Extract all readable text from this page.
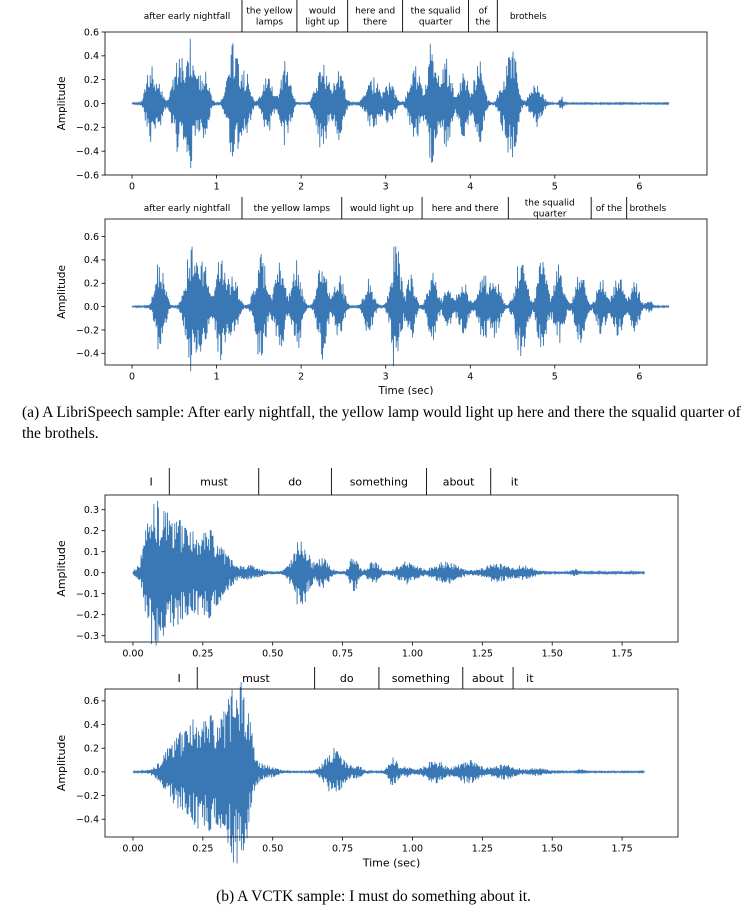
0	1	2	3	4	5	6
−0.6
−0.4
−0.2
0.0
0.2
0.4
0.6
Amplitude
after early nightfall
the yellow lamps
would light up
here and there
the squalid quarter
of the
brothels
0	1	2	3	4	5	6
−0.4
−0.2
0.0
0.2
0.4
0.6
Amplitude
Time (sec)
after early nightfall	the yellow lamps would light up here and there
the squalid quarter
of the brothels
(a) A LibriSpeech sample: After early nightfall, the yellow lamp would light up here and there the squalid quarter of the brothels.
0.00	0.25	0.50	0.75	1.00	1.25	1.50	1.75
−0.3
−0.2
−0.1
0.0
0.1
0.2
0.3
Amplitude
I	must	do	something	about	it
0.00	0.25	0.50	0.75	1.00	1.25	1.50	1.75
−0.4
−0.2
0.0
0.2
0.4
0.6
Amplitude
Time (sec)
I	must	do	something about it
(b) A VCTK sample: I must do something about it.
